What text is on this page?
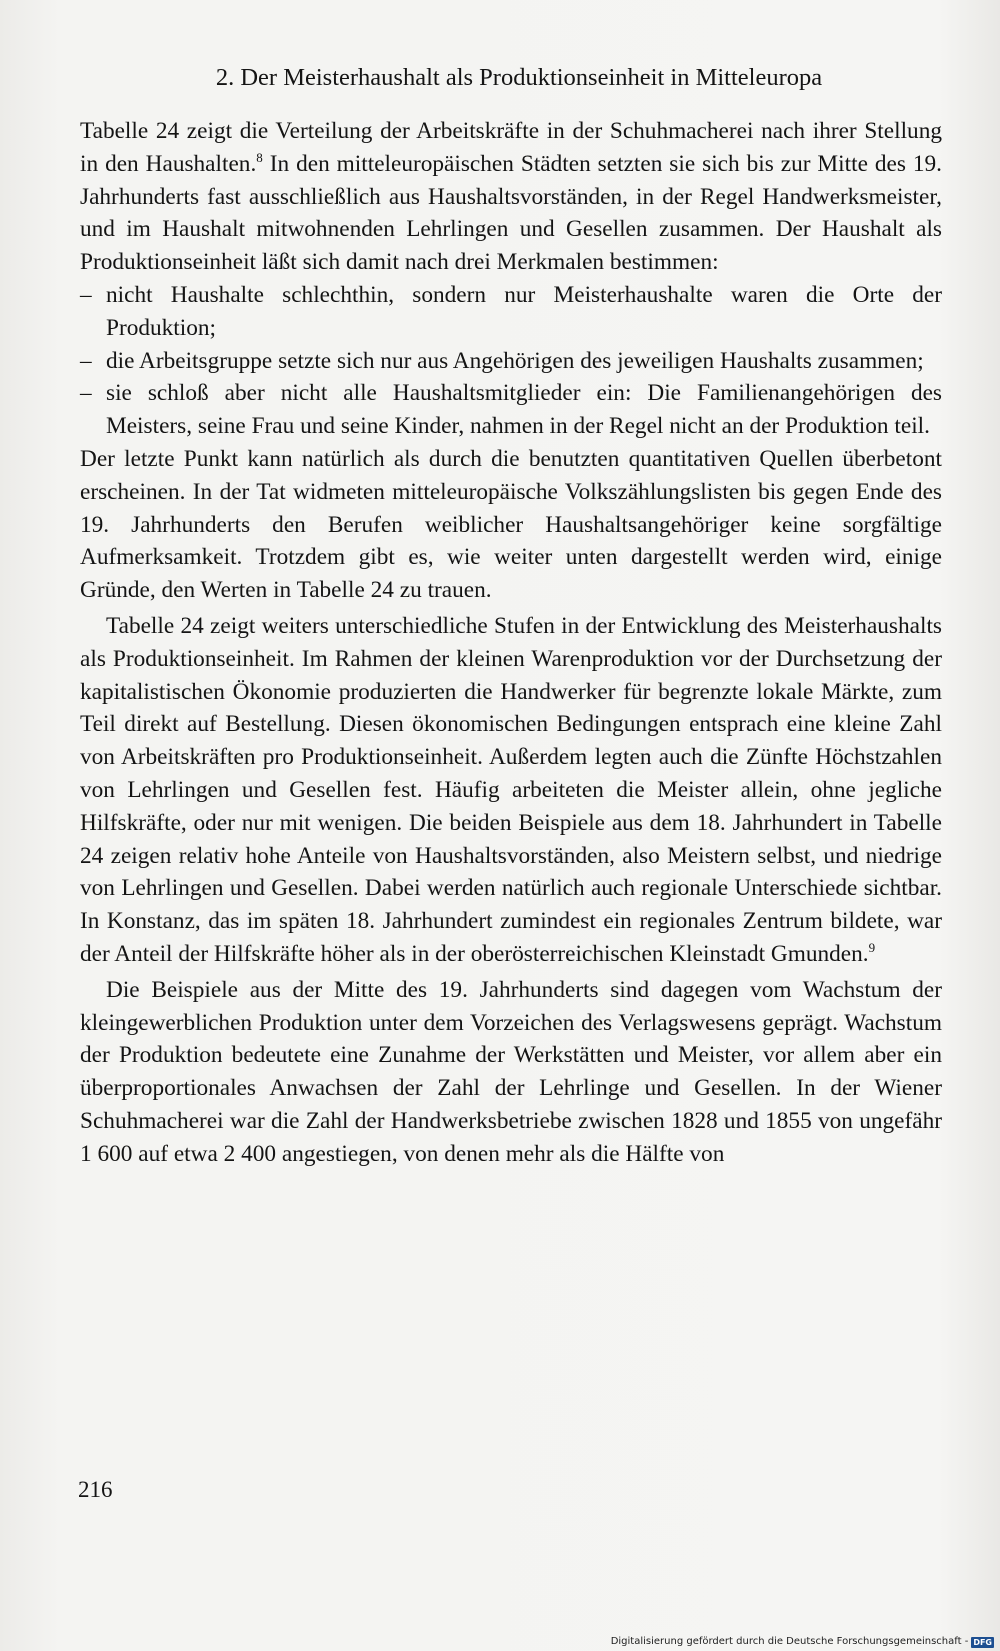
2. Der Meisterhaushalt als Produktionseinheit in Mitteleuropa

Tabelle 24 zeigt die Verteilung der Arbeitskräfte in der Schuhmacherei nach ihrer Stellung in den Haushalten.$^8$ In den mitteleuropäischen Städten setzten sie sich bis zur Mitte des 19. Jahrhunderts fast ausschließlich aus Haushaltsvorständen, in der Regel Handwerksmeister, und im Haushalt mitwohnenden Lehrlingen und Gesellen zusammen. Der Haushalt als Produktionseinheit läßt sich damit nach drei Merkmalen bestimmen:

– nicht Haushalte schlechthin, sondern nur Meisterhaushalte waren die Orte der Produktion;
– die Arbeitsgruppe setzte sich nur aus Angehörigen des jeweiligen Haushalts zusammen;
– sie schloß aber nicht alle Haushaltsmitglieder ein: Die Familienangehörigen des Meisters, seine Frau und seine Kinder, nahmen in der Regel nicht an der Produktion teil.

Der letzte Punkt kann natürlich als durch die benutzten quantitativen Quellen überbetont erscheinen. In der Tat widmeten mitteleuropäische Volkszählungslisten bis gegen Ende des 19. Jahrhunderts den Berufen weiblicher Haushaltsangehöriger keine sorgfältige Aufmerksamkeit. Trotzdem gibt es, wie weiter unten dargestellt werden wird, einige Gründe, den Werten in Tabelle 24 zu trauen.

Tabelle 24 zeigt weiters unterschiedliche Stufen in der Entwicklung des Meisterhaushalts als Produktionseinheit. Im Rahmen der kleinen Warenproduktion vor der Durchsetzung der kapitalistischen Ökonomie produzierten die Handwerker für begrenzte lokale Märkte, zum Teil direkt auf Bestellung. Diesen ökonomischen Bedingungen entsprach eine kleine Zahl von Arbeitskräften pro Produktionseinheit. Außerdem legten auch die Zünfte Höchstzahlen von Lehrlingen und Gesellen fest. Häufig arbeiteten die Meister allein, ohne jegliche Hilfskräfte, oder nur mit wenigen. Die beiden Beispiele aus dem 18. Jahrhundert in Tabelle 24 zeigen relativ hohe Anteile von Haushaltsvorständen, also Meistern selbst, und niedrige von Lehrlingen und Gesellen. Dabei werden natürlich auch regionale Unterschiede sichtbar. In Konstanz, das im späten 18. Jahrhundert zumindest ein regionales Zentrum bildete, war der Anteil der Hilfskräfte höher als in der oberösterreichischen Kleinstadt Gmunden.$^9$

Die Beispiele aus der Mitte des 19. Jahrhunderts sind dagegen vom Wachstum der kleingewerblichen Produktion unter dem Vorzeichen des Verlagswesens geprägt. Wachstum der Produktion bedeutete eine Zunahme der Werkstätten und Meister, vor allem aber ein überproportionales Anwachsen der Zahl der Lehrlinge und Gesellen. In der Wiener Schuhmacherei war die Zahl der Handwerksbetriebe zwischen 1828 und 1855 von ungefähr 1 600 auf etwa 2 400 angestiegen, von denen mehr als die Hälfte von

216
Digitalisierung gefördert durch die Deutsche Forschungsgemeinschaft - DFG
